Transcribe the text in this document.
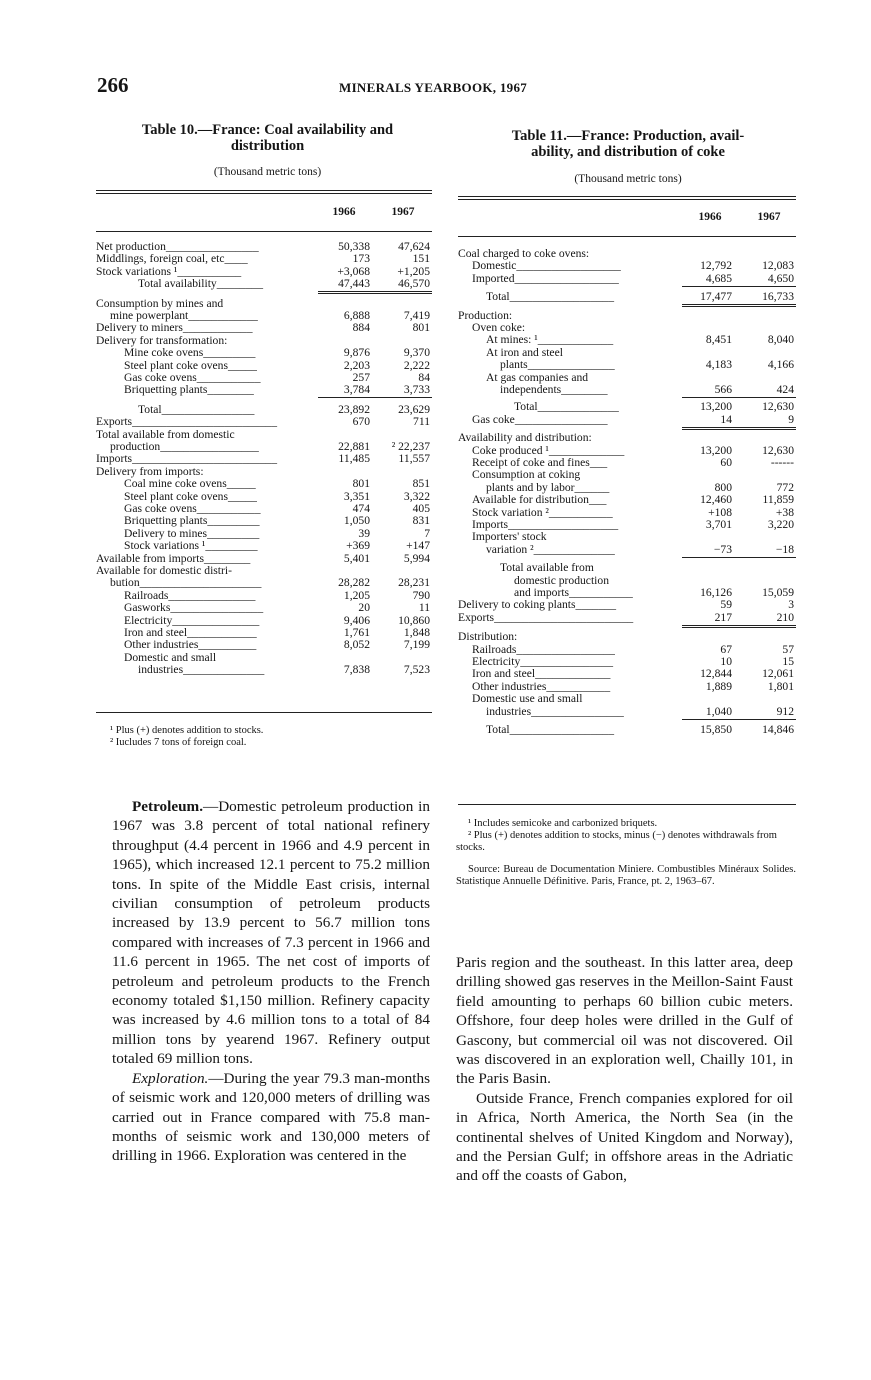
266	MINERALS YEARBOOK, 1967
Table 10.—France: Coal availability and
distribution
(Thousand metric tons)
1966	1967
Net production________________	50,338	47,624
Middlings, foreign coal, etc____	173	151
Stock variations ¹___________	+3,068	+1,205
Total availability________	47,443	46,570
Consumption by mines and
mine powerplant____________	6,888	7,419
Delivery to miners____________	884	801
Delivery for transformation:
Mine coke ovens_________	9,876	9,370
Steel plant coke ovens_____	2,203	2,222
Gas coke ovens___________	257	84
Briquetting plants________	3,784	3,733
Total________________	23,892	23,629
Exports_________________________	670	711
Total available from domestic
production_________________	22,881	² 22,237
Imports_________________________	11,485	11,557
Delivery from imports:
Coal mine coke ovens_____	801	851
Steel plant coke ovens_____	3,351	3,322
Gas coke ovens___________	474	405
Briquetting plants_________	1,050	831
Delivery to mines_________	39	7
Stock variations ¹_________	+369	+147
Available from imports________	5,401	5,994
Available for domestic distri-
bution_____________________	28,282	28,231
Railroads_______________	1,205	790
Gasworks________________	20	11
Electricity_______________	9,406	10,860
Iron and steel____________	1,761	1,848
Other industries__________	8,052	7,199
Domestic and small
industries______________	7,838	7,523
¹ Plus (+) denotes addition to stocks.
² Iucludes 7 tons of foreign coal.
Table 11.—France: Production, avail-
ability, and distribution of coke
(Thousand metric tons)
1966	1967
Coal charged to coke ovens:
Domestic__________________	12,792	12,083
Imported__________________	4,685	4,650
Total__________________	17,477	16,733
Production:
Oven coke:
At mines: ¹_____________	8,451	8,040
At iron and steel
plants_______________	4,183	4,166
At gas companies and
independents________	566	424
Total______________	13,200	12,630
Gas coke________________	14	9
Availability and distribution:
Coke produced ¹_____________	13,200	12,630
Receipt of coke and fines___	60	------
Consumption at coking
plants and by labor______	800	772
Available for distribution___	12,460	11,859
Stock variation ²___________	+108	+38
Imports___________________	3,701	3,220
Importers' stock
variation ²______________	−73	−18
Total available from
domestic production
and imports___________	16,126	15,059
Delivery to coking plants_______	59	3
Exports________________________	217	210
Distribution:
Railroads_________________	67	57
Electricity________________	10	15
Iron and steel_____________	12,844	12,061
Other industries___________	1,889	1,801
Domestic use and small
industries________________	1,040	912
Total__________________	15,850	14,846
¹ Includes semicoke and carbonized briquets.
² Plus (+) denotes addition to stocks, minus (−) denotes withdrawals from stocks.
Source: Bureau de Documentation Miniere. Combustibles Minéraux Solides. Statistique Annuelle Définitive. Paris, France, pt. 2, 1963–67.

Petroleum.—Domestic petroleum production in 1967 was 3.8 percent of total national refinery throughput (4.4 percent in 1966 and 4.9 percent in 1965), which increased 12.1 percent to 75.2 million tons. In spite of the Middle East crisis, internal civilian consumption of petroleum products increased by 13.9 percent to 56.7 million tons compared with increases of 7.3 percent in 1966 and 11.6 percent in 1965. The net cost of imports of petroleum and petroleum products to the French economy totaled $1,150 million. Refinery capacity was increased by 4.6 million tons to a total of 84 million tons by yearend 1967. Refinery output totaled 69 million tons.

Exploration.—During the year 79.3 man-months of seismic work and 120,000 meters of drilling was carried out in France compared with 75.8 man-months of seismic work and 130,000 meters of drilling in 1966. Exploration was centered in the

Paris region and the southeast. In this latter area, deep drilling showed gas reserves in the Meillon-Saint Faust field amounting to perhaps 60 billion cubic meters. Offshore, four deep holes were drilled in the Gulf of Gascony, but commercial oil was not discovered. Oil was discovered in an exploration well, Chailly 101, in the Paris Basin.

Outside France, French companies explored for oil in Africa, North America, the North Sea (in the continental shelves of United Kingdom and Norway), and the Persian Gulf; in offshore areas in the Adriatic and off the coasts of Gabon,
